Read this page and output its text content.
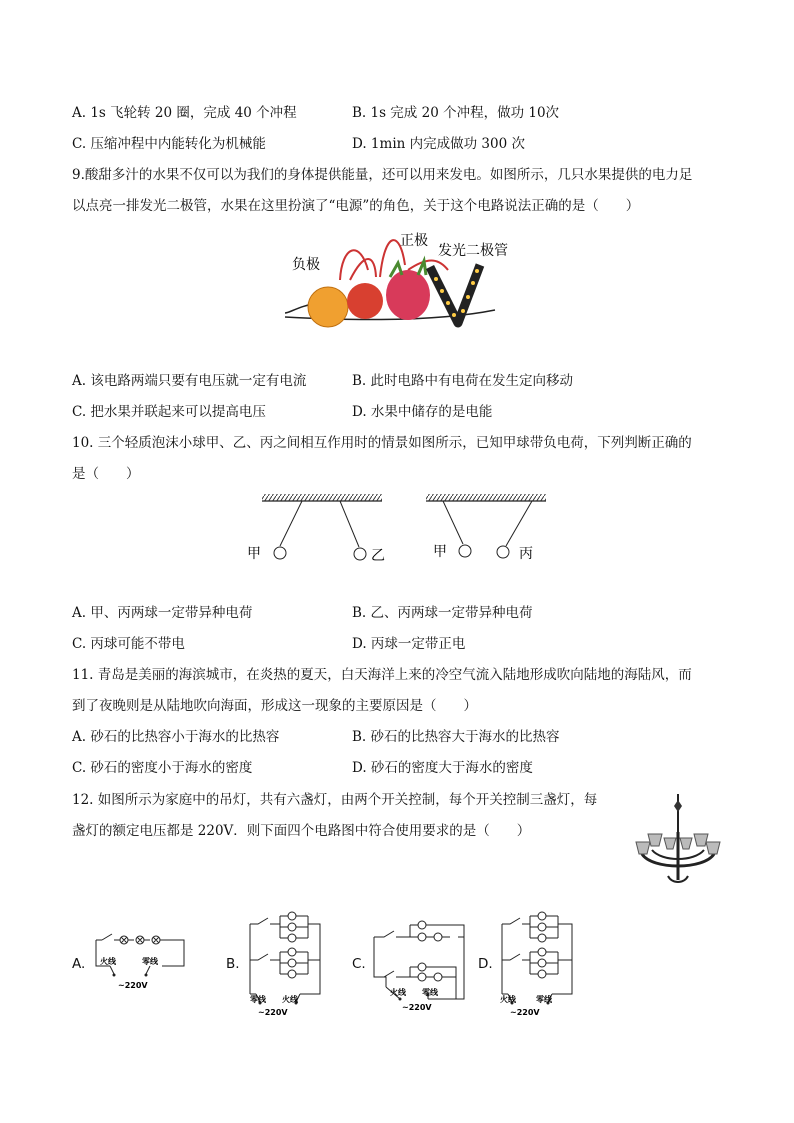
A. 1s 飞轮转 20 圈，完成 40 个冲程	B. 1s 完成 20 个冲程，做功 10次
C. 压缩冲程中内能转化为机械能	D. 1min 内完成做功 300 次
9.酸甜多汁的水果不仅可以为我们的身体提供能量，还可以用来发电。如图所示，几只水果提供的电力足
以点亮一排发光二极管，水果在这里扮演了“电源”的角色，关于这个电路说法正确的是（　　）
负极
正极
发光二极管
A. 该电路两端只要有电压就一定有电流	B. 此时电路中有电荷在发生定向移动
C. 把水果并联起来可以提高电压	D. 水果中储存的是电能
10. 三个轻质泡沫小球甲、乙、丙之间相互作用时的情景如图所示，已知甲球带负电荷，下列判断正确的
是（　　）
甲	乙	甲	丙
A. 甲、丙两球一定带异种电荷	B. 乙、丙两球一定带异种电荷
C. 丙球可能不带电	D. 丙球一定带正电
11. 青岛是美丽的海滨城市，在炎热的夏天，白天海洋上来的冷空气流入陆地形成吹向陆地的海陆风，而
到了夜晚则是从陆地吹向海面，形成这一现象的主要原因是（　　）
A. 砂石的比热容小于海水的比热容	B. 砂石的比热容大于海水的比热容
C. 砂石的密度小于海水的密度	D. 砂石的密度大于海水的密度
12. 如图所示为家庭中的吊灯，共有六盏灯，由两个开关控制，每个开关控制三盏灯，每
盏灯的额定电压都是 220V．则下面四个电路图中符合使用要求的是（　　）
A. 火线	零线
~220V
B.
零线 火线
~220V
C.
火线 零线
~220V
D.
火线	零线
~220V
